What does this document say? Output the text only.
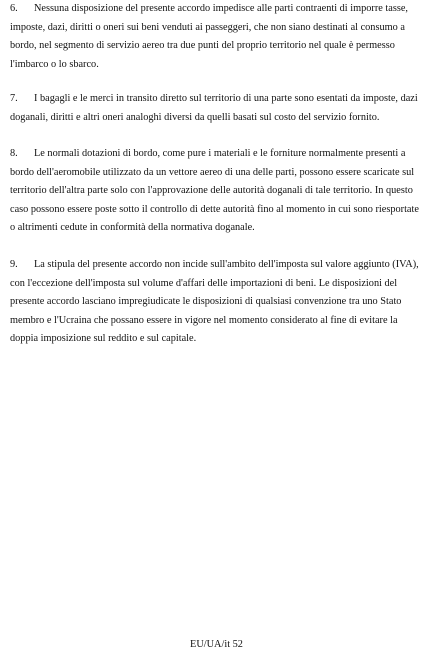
6. Nessuna disposizione del presente accordo impedisce alle parti contraenti di imporre tasse, imposte, dazi, diritti o oneri sui beni venduti ai passeggeri, che non siano destinati al consumo a bordo, nel segmento di servizio aereo tra due punti del proprio territorio nel quale è permesso l'imbarco o lo sbarco.

7. I bagagli e le merci in transito diretto sul territorio di una parte sono esentati da imposte, dazi doganali, diritti e altri oneri analoghi diversi da quelli basati sul costo del servizio fornito.

8. Le normali dotazioni di bordo, come pure i materiali e le forniture normalmente presenti a bordo dell'aeromobile utilizzato da un vettore aereo di una delle parti, possono essere scaricate sul territorio dell'altra parte solo con l'approvazione delle autorità doganali di tale territorio. In questo caso possono essere poste sotto il controllo di dette autorità fino al momento in cui sono riesportate o altrimenti cedute in conformità della normativa doganale.

9. La stipula del presente accordo non incide sull'ambito dell'imposta sul valore aggiunto (IVA), con l'eccezione dell'imposta sul volume d'affari delle importazioni di beni. Le disposizioni del presente accordo lasciano impregiudicate le disposizioni di qualsiasi convenzione tra uno Stato membro e l'Ucraina che possano essere in vigore nel momento considerato al fine di evitare la doppia imposizione sul reddito e sul capitale.

EU/UA/it 52
